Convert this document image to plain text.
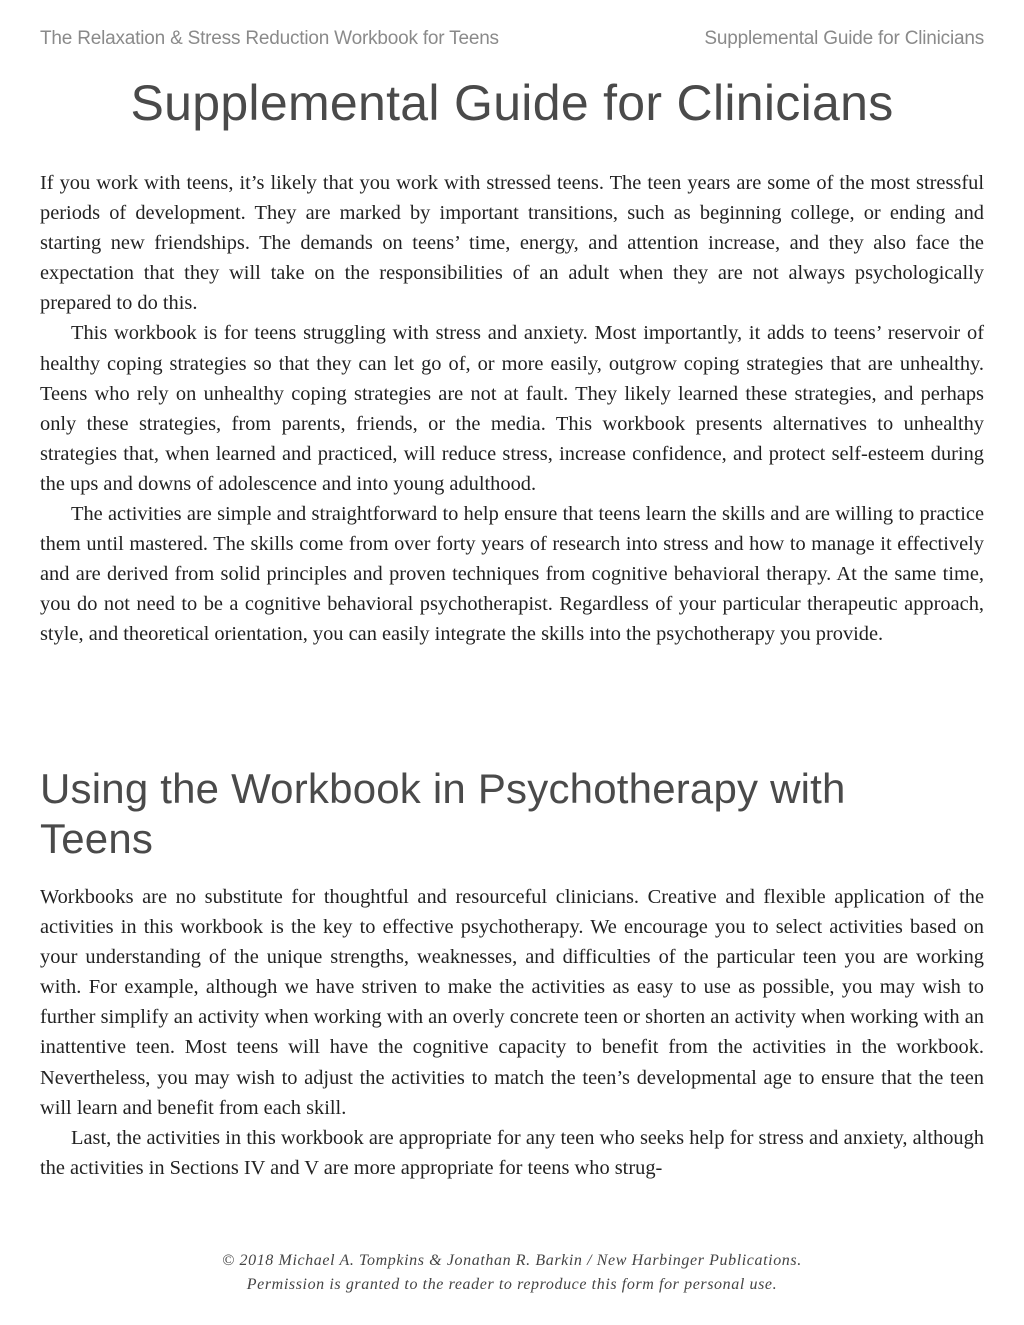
The Relaxation & Stress Reduction Workbook for Teens	Supplemental Guide for Clinicians
Supplemental Guide for Clinicians

If you work with teens, it’s likely that you work with stressed teens. The teen years are some of the most stressful periods of development. They are marked by important transitions, such as beginning college, or ending and starting new friendships. The demands on teens’ time, energy, and attention increase, and they also face the expectation that they will take on the responsibilities of an adult when they are not always psychologically prepared to do this.

This workbook is for teens struggling with stress and anxiety. Most importantly, it adds to teens’ reservoir of healthy coping strategies so that they can let go of, or more easily, outgrow coping strategies that are unhealthy. Teens who rely on unhealthy coping strategies are not at fault. They likely learned these strategies, and perhaps only these strategies, from parents, friends, or the media. This workbook presents alternatives to unhealthy strategies that, when learned and practiced, will reduce stress, increase confidence, and protect self-esteem during the ups and downs of adolescence and into young adulthood.

The activities are simple and straightforward to help ensure that teens learn the skills and are willing to practice them until mastered. The skills come from over forty years of research into stress and how to manage it effectively and are derived from solid principles and proven techniques from cognitive behavioral therapy. At the same time, you do not need to be a cognitive behavioral psychotherapist. Regardless of your particular therapeutic approach, style, and theoretical orientation, you can easily integrate the skills into the psychotherapy you provide.

Using the Workbook in Psychotherapy with Teens

Workbooks are no substitute for thoughtful and resourceful clinicians. Creative and flexible application of the activities in this workbook is the key to effective psychotherapy. We encourage you to select activities based on your understanding of the unique strengths, weaknesses, and difficulties of the particular teen you are working with. For example, although we have striven to make the activities as easy to use as possible, you may wish to further simplify an activity when working with an overly concrete teen or shorten an activity when working with an inattentive teen. Most teens will have the cognitive capacity to benefit from the activities in the workbook. Nevertheless, you may wish to adjust the activities to match the teen’s developmental age to ensure that the teen will learn and benefit from each skill.

Last, the activities in this workbook are appropriate for any teen who seeks help for stress and anxiety, although the activities in Sections IV and V are more appropriate for teens who strug-

© 2018 Michael A. Tompkins & Jonathan R. Barkin / New Harbinger Publications.
Permission is granted to the reader to reproduce this form for personal use.
